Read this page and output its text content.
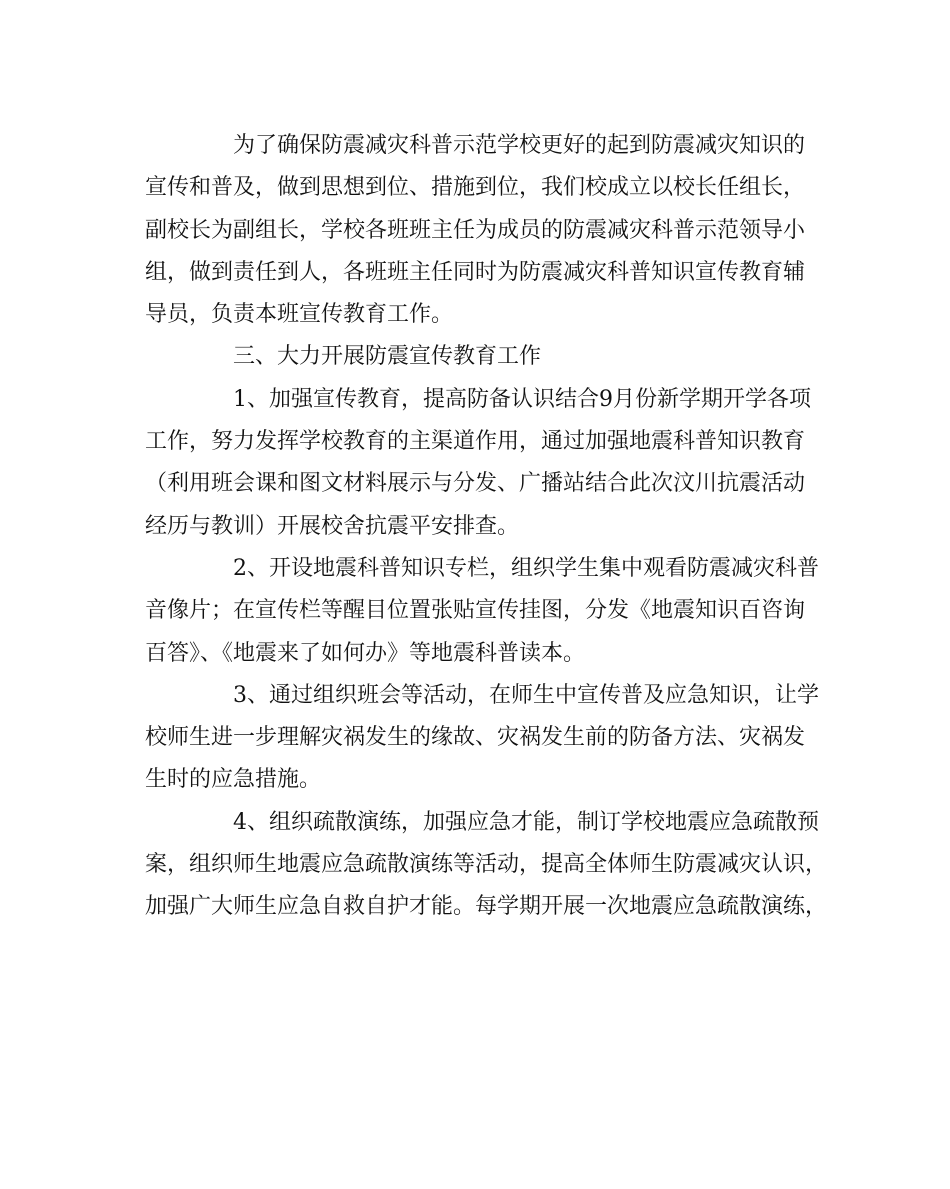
为了确保防震减灾科普示范学校更好的起到防震减灾知识的
宣传和普及，做到思想到位、措施到位，我们校成立以校长任组长，
副校长为副组长，学校各班班主任为成员的防震减灾科普示范领导小
组，做到责任到人，各班班主任同时为防震减灾科普知识宣传教育辅
导员，负责本班宣传教育工作。
三、大力开展防震宣传教育工作
1、加强宣传教育，提高防备认识结合9月份新学期开学各项
工作，努力发挥学校教育的主渠道作用，通过加强地震科普知识教育
（利用班会课和图文材料展示与分发、广播站结合此次汶川抗震活动
经历与教训）开展校舍抗震平安排查。
2、开设地震科普知识专栏，组织学生集中观看防震减灾科普
音像片；在宣传栏等醒目位置张贴宣传挂图，分发《地震知识百咨询
百答》、《地震来了如何办》等地震科普读本。
3、通过组织班会等活动，在师生中宣传普及应急知识，让学
校师生进一步理解灾祸发生的缘故、灾祸发生前的防备方法、灾祸发
生时的应急措施。
4、组织疏散演练，加强应急才能，制订学校地震应急疏散预
案，组织师生地震应急疏散演练等活动，提高全体师生防震减灾认识，
加强广大师生应急自救自护才能。每学期开展一次地震应急疏散演练，
